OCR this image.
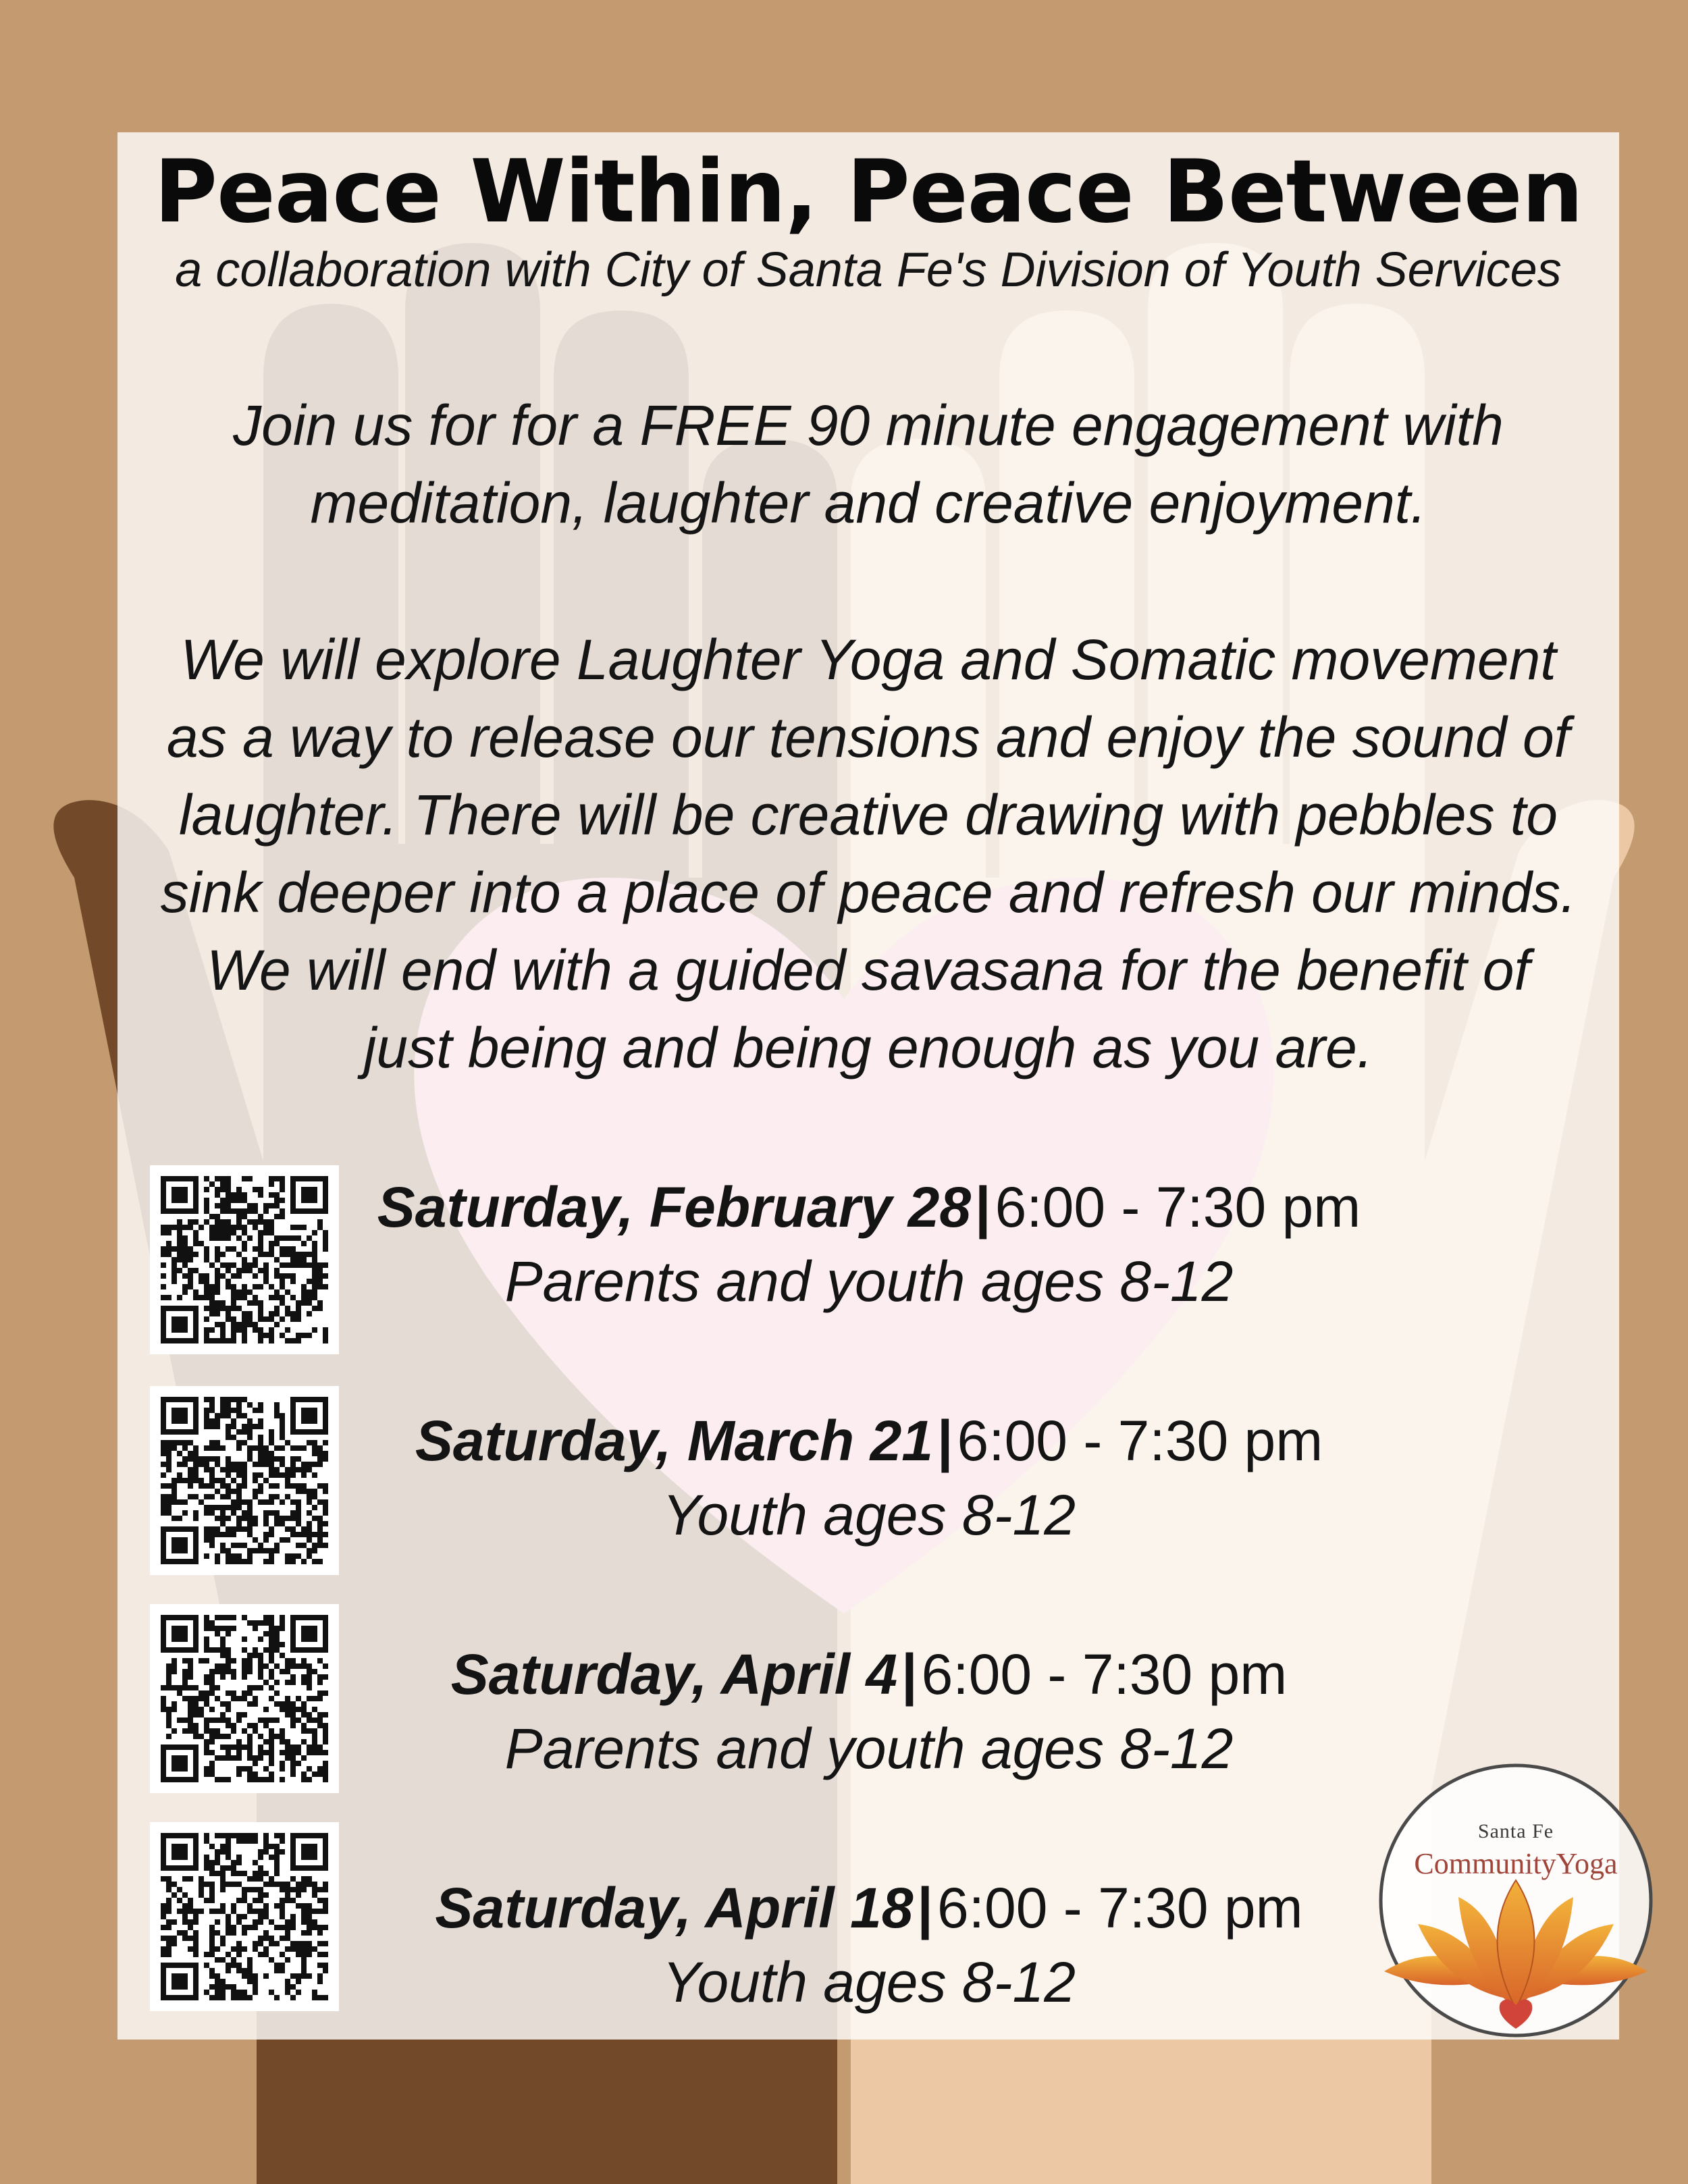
Peace Within, Peace Between
a collaboration with City of Santa Fe's Division of Youth Services
Join us for for a FREE 90 minute engagement with
meditation, laughter and creative enjoyment.
We will explore Laughter Yoga and Somatic movement
as a way to release our tensions and enjoy the sound of
laughter. There will be creative drawing with pebbles to
sink deeper into a place of peace and refresh our minds.
We will end with a guided savasana for the benefit of
just being and being enough as you are.
Saturday, February 28|6:00 - 7:30 pm
Parents and youth ages 8-12
Saturday, March 21|6:00 - 7:30 pm
Youth ages 8-12
Saturday, April 4|6:00 - 7:30 pm
Parents and youth ages 8-12
Saturday, April 18|6:00 - 7:30 pm
Youth ages 8-12
Santa Fe
CommunityYoga
